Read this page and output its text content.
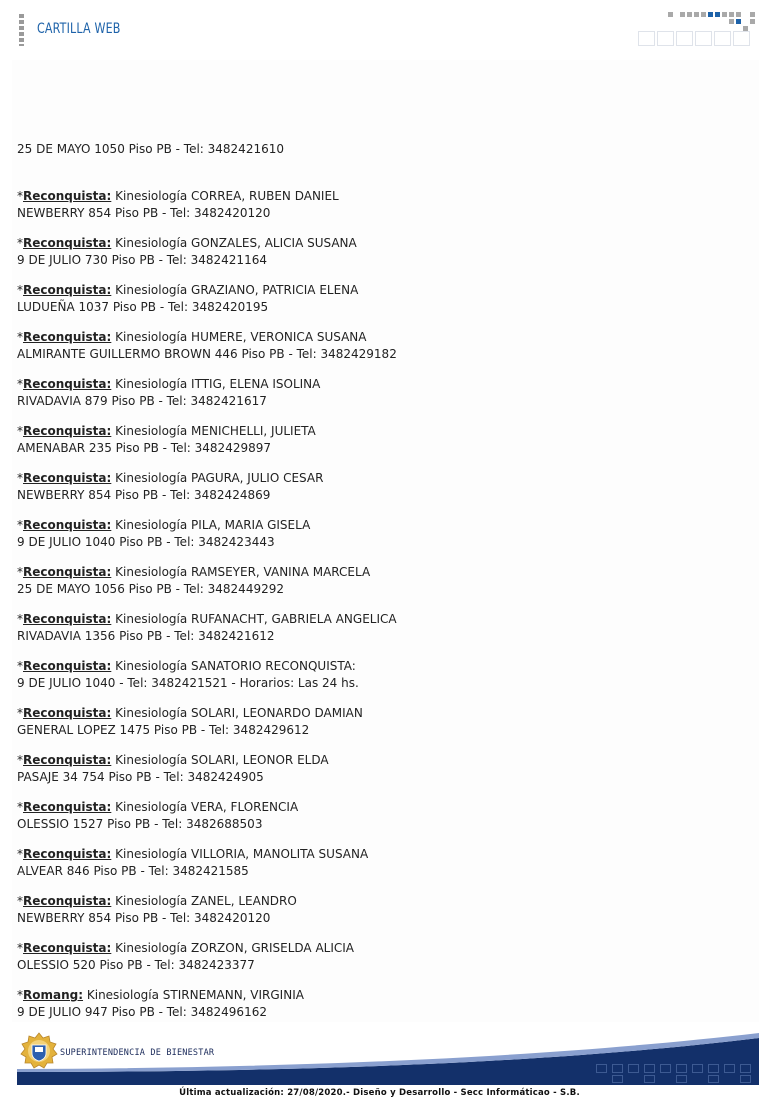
CARTILLA WEB
25 DE MAYO 1050 Piso PB - Tel: 3482421610
*Reconquista: Kinesiología CORREA, RUBEN DANIEL
NEWBERRY 854 Piso PB - Tel: 3482420120
*Reconquista: Kinesiología GONZALES, ALICIA SUSANA
9 DE JULIO 730 Piso PB - Tel: 3482421164
*Reconquista: Kinesiología GRAZIANO, PATRICIA ELENA
LUDUEÑA 1037 Piso PB - Tel: 3482420195
*Reconquista: Kinesiología HUMERE, VERONICA SUSANA
ALMIRANTE GUILLERMO BROWN 446 Piso PB - Tel: 3482429182
*Reconquista: Kinesiología ITTIG, ELENA ISOLINA
RIVADAVIA 879 Piso PB - Tel: 3482421617
*Reconquista: Kinesiología MENICHELLI, JULIETA
AMENABAR 235 Piso PB - Tel: 3482429897
*Reconquista: Kinesiología PAGURA, JULIO CESAR
NEWBERRY 854 Piso PB - Tel: 3482424869
*Reconquista: Kinesiología PILA, MARIA GISELA
9 DE JULIO 1040 Piso PB - Tel: 3482423443
*Reconquista: Kinesiología RAMSEYER, VANINA MARCELA
25 DE MAYO 1056 Piso PB - Tel: 3482449292
*Reconquista: Kinesiología RUFANACHT, GABRIELA ANGELICA
RIVADAVIA 1356 Piso PB - Tel: 3482421612
*Reconquista: Kinesiología SANATORIO RECONQUISTA:
9 DE JULIO 1040 - Tel: 3482421521 - Horarios: Las 24 hs.
*Reconquista: Kinesiología SOLARI, LEONARDO DAMIAN
GENERAL LOPEZ 1475 Piso PB - Tel: 3482429612
*Reconquista: Kinesiología SOLARI, LEONOR ELDA
PASAJE 34 754 Piso PB - Tel: 3482424905
*Reconquista: Kinesiología VERA, FLORENCIA
OLESSIO 1527 Piso PB - Tel: 3482688503
*Reconquista: Kinesiología VILLORIA, MANOLITA SUSANA
ALVEAR 846 Piso PB - Tel: 3482421585
*Reconquista: Kinesiología ZANEL, LEANDRO
NEWBERRY 854 Piso PB - Tel: 3482420120
*Reconquista: Kinesiología ZORZON, GRISELDA ALICIA
OLESSIO 520 Piso PB - Tel: 3482423377
*Romang: Kinesiología STIRNEMANN, VIRGINIA
9 DE JULIO 947 Piso PB - Tel: 3482496162
SUPERINTENDENCIA DE BIENESTAR
Última actualización: 27/08/2020.- Diseño y Desarrollo - Secc Informáticao - S.B.
